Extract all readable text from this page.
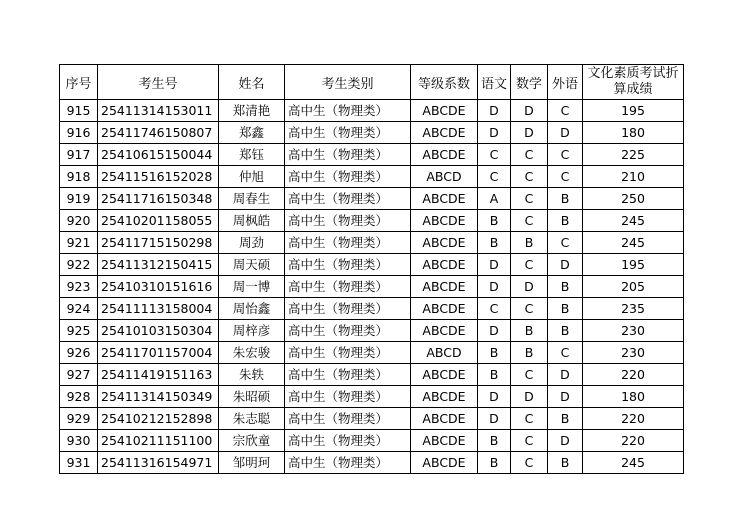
序号	考生号	姓名	考生类别	等级系数	语文	数学	外语	文化素质考试折算成绩
915	25411314153011	郑清艳	高中生（物理类）	ABCDE	D	D	C	195
916	25411746150807	郑鑫	高中生（物理类）	ABCDE	D	D	D	180
917	25410615150044	郑钰	高中生（物理类）	ABCDE	C	C	C	225
918	25411516152028	仲旭	高中生（物理类）	ABCD	C	C	C	210
919	25411716150348	周春生	高中生（物理类）	ABCDE	A	C	B	250
920	25410201158055	周枫皓	高中生（物理类）	ABCDE	B	C	B	245
921	25411715150298	周劲	高中生（物理类）	ABCDE	B	B	C	245
922	25411312150415	周天硕	高中生（物理类）	ABCDE	D	C	D	195
923	25410310151616	周一博	高中生（物理类）	ABCDE	D	D	B	205
924	25411113158004	周怡鑫	高中生（物理类）	ABCDE	C	C	B	235
925	25410103150304	周梓彦	高中生（物理类）	ABCDE	D	B	B	230
926	25411701157004	朱宏骏	高中生（物理类）	ABCD	B	B	C	230
927	25411419151163	朱轶	高中生（物理类）	ABCDE	B	C	D	220
928	25411314150349	朱昭硕	高中生（物理类）	ABCDE	D	D	D	180
929	25410212152898	朱志聪	高中生（物理类）	ABCDE	D	C	B	220
930	25410211151100	宗欣童	高中生（物理类）	ABCDE	B	C	D	220
931	25411316154971	邹明珂	高中生（物理类）	ABCDE	B	C	B	245
